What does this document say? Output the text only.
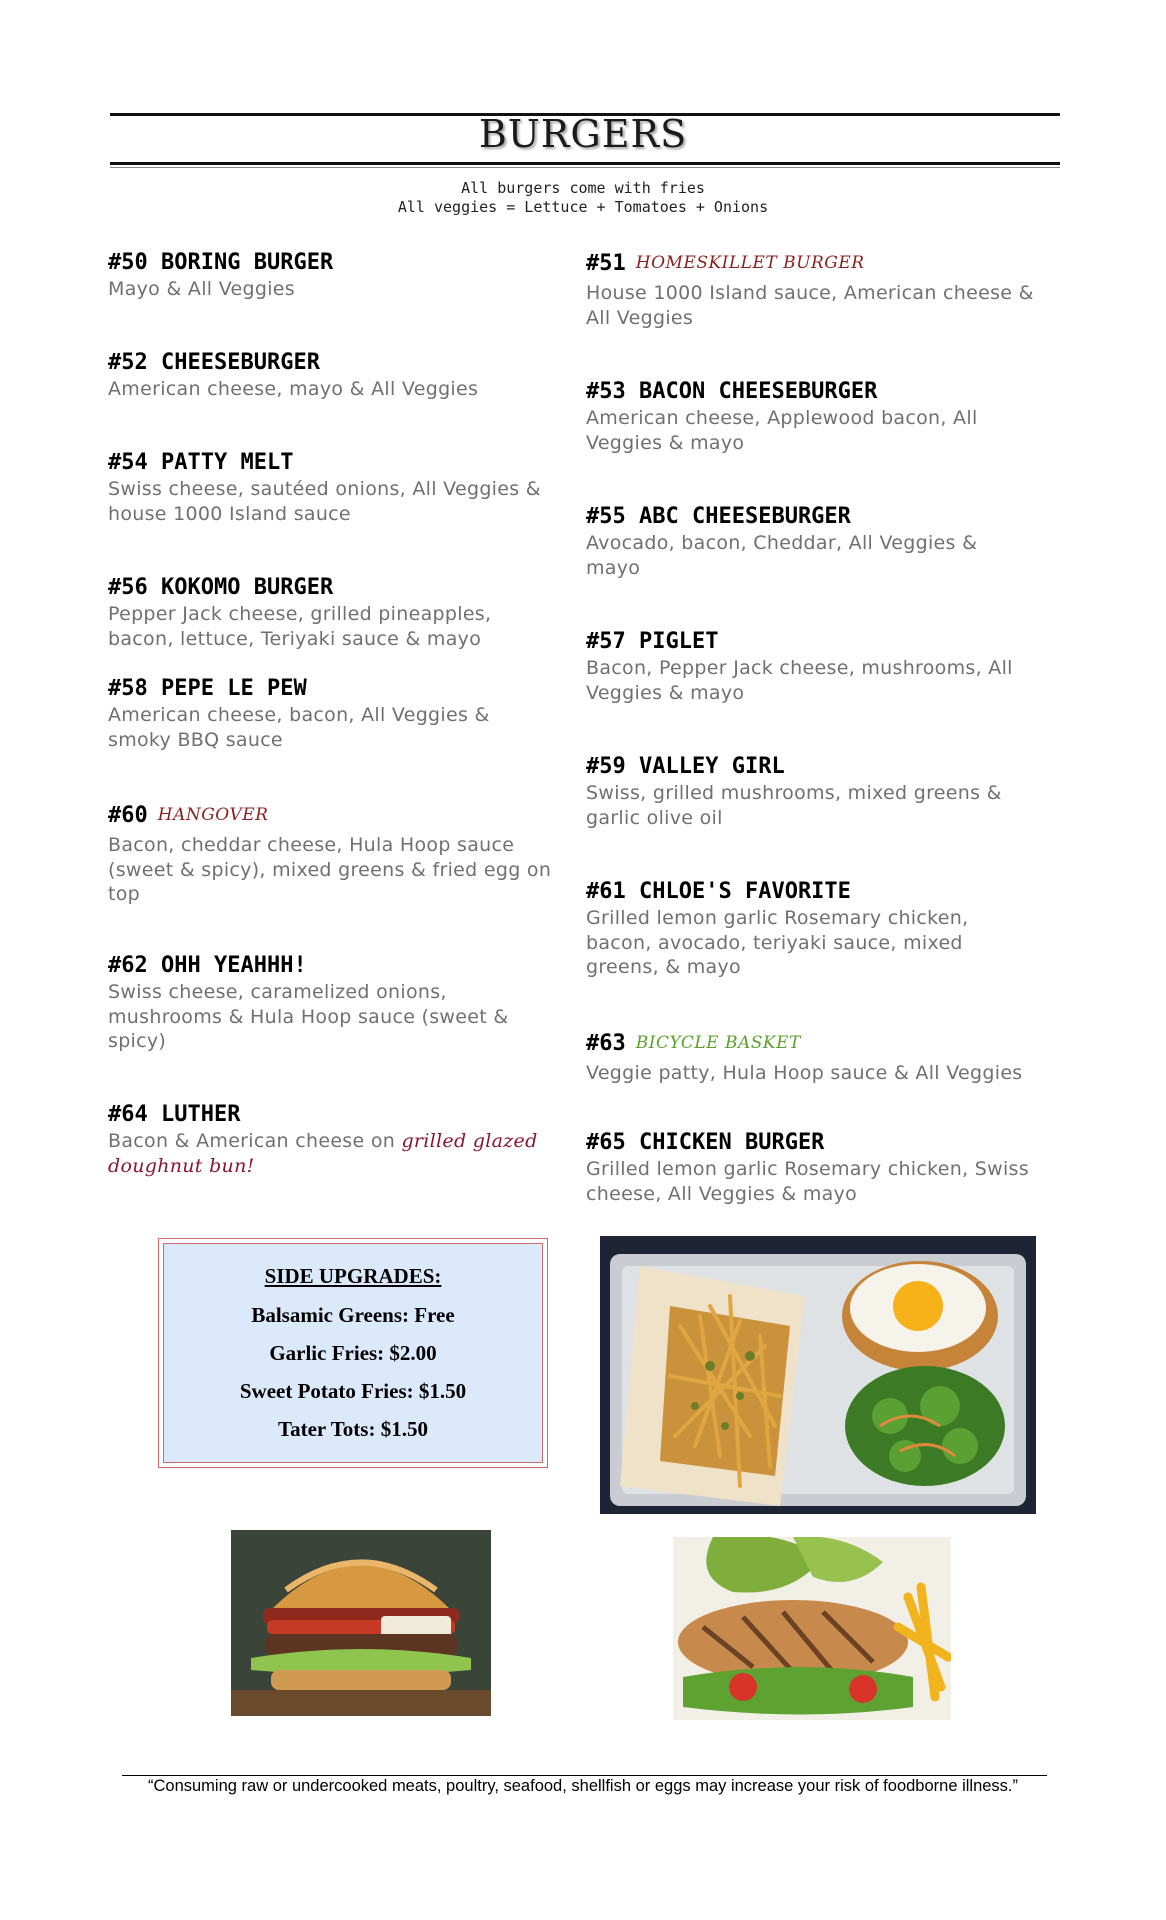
BURGERS
All burgers come with fries
All veggies = Lettuce + Tomatoes + Onions
#50 BORING BURGER
Mayo & All Veggies
#52 CHEESEBURGER
American cheese, mayo & All Veggies
#54 PATTY MELT
Swiss cheese, sautéed onions, All Veggies & house 1000 Island sauce
#56 KOKOMO BURGER
Pepper Jack cheese, grilled pineapples, bacon, lettuce, Teriyaki sauce & mayo
#58 PEPE LE PEW
American cheese, bacon, All Veggies & smoky BBQ sauce
#60 HANGOVER
Bacon, cheddar cheese, Hula Hoop sauce (sweet & spicy), mixed greens & fried egg on top
#62 OHH YEAHHH!
Swiss cheese, caramelized onions, mushrooms & Hula Hoop sauce (sweet & spicy)
#64 LUTHER
Bacon & American cheese on grilled glazed doughnut bun!
#51 HOMESKILLET BURGER
House 1000 Island sauce, American cheese & All Veggies
#53 BACON CHEESEBURGER
American cheese, Applewood bacon, All Veggies & mayo
#55 ABC CHEESEBURGER
Avocado, bacon, Cheddar, All Veggies & mayo
#57 PIGLET
Bacon, Pepper Jack cheese, mushrooms, All Veggies & mayo
#59 VALLEY GIRL
Swiss, grilled mushrooms, mixed greens & garlic olive oil
#61 CHLOE'S FAVORITE
Grilled lemon garlic Rosemary chicken, bacon, avocado, teriyaki sauce, mixed greens, & mayo
#63 BICYCLE BASKET
Veggie patty, Hula Hoop sauce & All Veggies
#65 CHICKEN BURGER
Grilled lemon garlic Rosemary chicken, Swiss cheese, All Veggies & mayo
SIDE UPGRADES:
Balsamic Greens: Free
Garlic Fries: $2.00
Sweet Potato Fries: $1.50
Tater Tots: $1.50
“Consuming raw or undercooked meats, poultry, seafood, shellfish or eggs may increase your risk of foodborne illness.”
